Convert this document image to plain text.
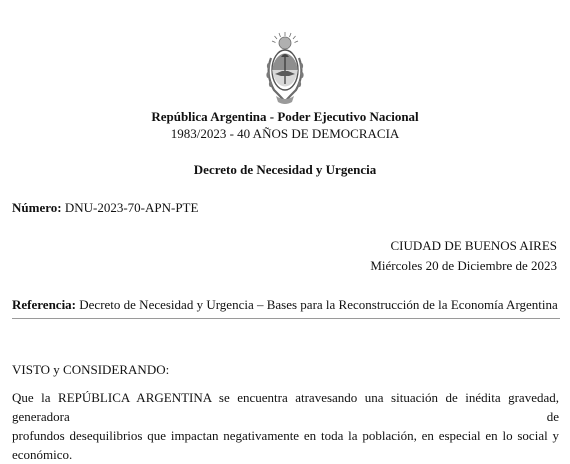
República Argentina - Poder Ejecutivo Nacional
1983/2023 - 40 AÑOS DE DEMOCRACIA
Decreto de Necesidad y Urgencia
Número: DNU-2023-70-APN-PTE
CIUDAD DE BUENOS AIRES
Miércoles 20 de Diciembre de 2023
Referencia: Decreto de Necesidad y Urgencia – Bases para la Reconstrucción de la Economía Argentina
VISTO y CONSIDERANDO:
Que la REPÚBLICA ARGENTINA se encuentra atravesando una situación de inédita gravedad, generadora de
profundos desequilibrios que impactan negativamente en toda la población, en especial en lo social y económico.
